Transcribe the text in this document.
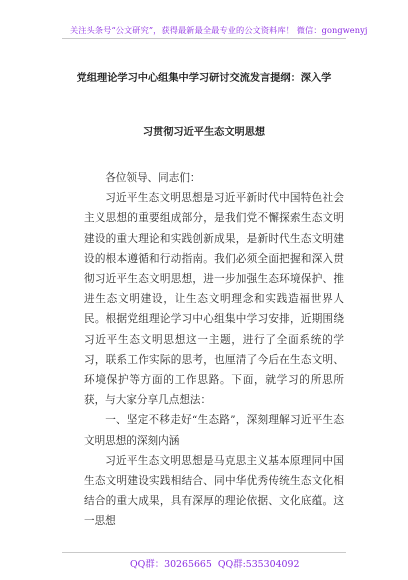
关注头条号“公文研究”，获得最新最全最专业的公文资料库！ 微信：gongwenyj
党组理论学习中心组集中学习研讨交流发言提纲：深入学
习贯彻习近平生态文明思想

各位领导、同志们：

习近平生态文明思想是习近平新时代中国特色社会主义思想的重要组成部分，是我们党不懈探索生态文明建设的重大理论和实践创新成果，是新时代生态文明建设的根本遵循和行动指南。我们必须全面把握和深入贯彻习近平生态文明思想，进一步加强生态环境保护、推进生态文明建设，让生态文明理念和实践造福世界人民。根据党组理论学习中心组集中学习安排，近期围绕习近平生态文明思想这一主题，进行了全面系统的学习，联系工作实际的思考，也厘清了今后在生态文明、环境保护等方面的工作思路。下面，就学习的所思所获，与大家分享几点想法：

一、坚定不移走好“生态路”，深刻理解习近平生态文明思想的深刻内涵

习近平生态文明思想是马克思主义基本原理同中国生态文明建设实践相结合、同中华优秀传统生态文化相结合的重大成果，具有深厚的理论依据、文化底蕴。这一思想

QQ群：30265665 QQ群:535304092
